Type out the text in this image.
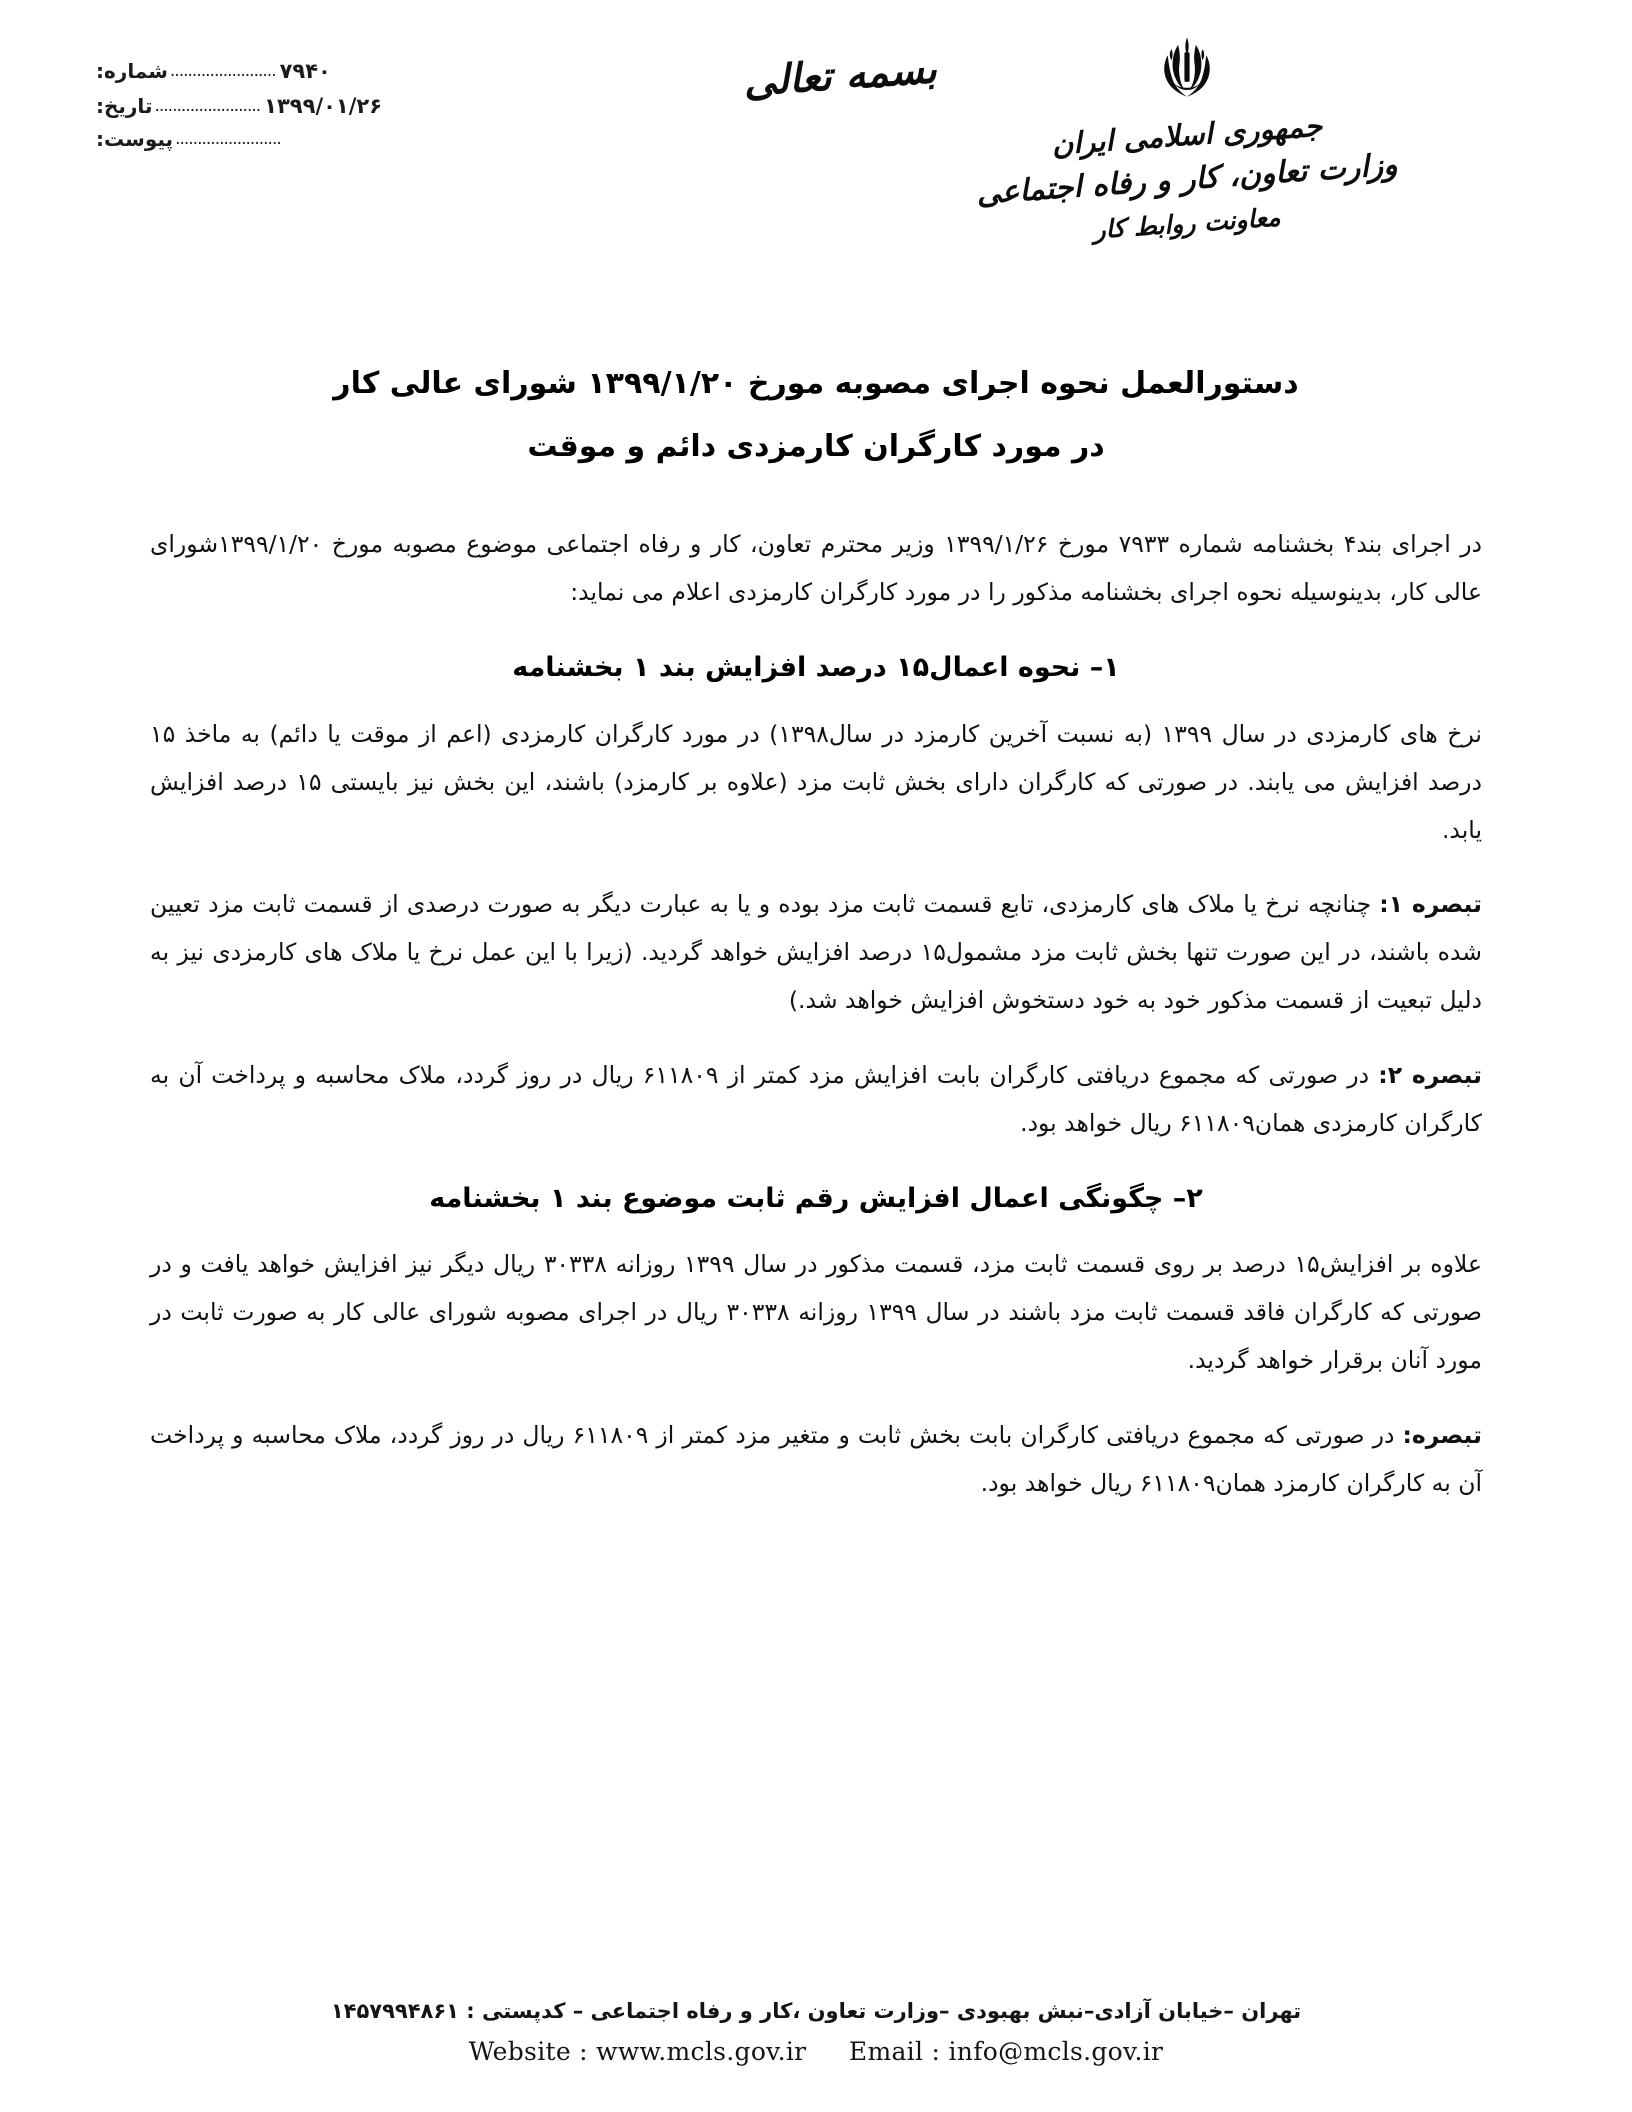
شماره: ........................ ۷۹۴۰
تاریخ: ........................ ۱۳۹۹/۰۱/۲۶
پیوست: ........................
بسمه تعالی
جمهوری اسلامی ایران
وزارت تعاون، کار و رفاه اجتماعی
معاونت روابط کار
دستورالعمل نحوه اجرای مصوبه مورخ ۱۳۹۹/۱/۲۰ شورای عالی کار
در مورد کارگران کارمزدی دائم و موقت

در اجرای بند۴ بخشنامه شماره ۷۹۳۳ مورخ ۱۳۹۹/۱/۲۶ وزیر محترم تعاون، کار و رفاه اجتماعی موضوع مصوبه مورخ ۱۳۹۹/۱/۲۰شورای عالی کار، بدینوسیله نحوه اجرای بخشنامه مذکور را در مورد کارگران کارمزدی اعلام می نماید:

۱– نحوه اعمال۱۵ درصد افزایش بند ۱ بخشنامه

نرخ های کارمزدی در سال ۱۳۹۹ (به نسبت آخرین کارمزد در سال۱۳۹۸) در مورد کارگران کارمزدی (اعم از موقت یا دائم) به ماخذ ۱۵ درصد افزایش می یابند. در صورتی که کارگران دارای بخش ثابت مزد (علاوه بر کارمزد) باشند، این بخش نیز بایستی ۱۵ درصد افزایش یابد.

تبصره ۱: چنانچه نرخ یا ملاک های کارمزدی، تابع قسمت ثابت مزد بوده و یا به عبارت دیگر به صورت درصدی از قسمت ثابت مزد تعیین شده باشند، در این صورت تنها بخش ثابت مزد مشمول۱۵ درصد افزایش خواهد گردید. (زیرا با این عمل نرخ یا ملاک های کارمزدی نیز به دلیل تبعیت از قسمت مذکور خود به خود دستخوش افزایش خواهد شد.)

تبصره ۲: در صورتی که مجموع دریافتی کارگران بابت افزایش مزد کمتر از ۶۱۱۸۰۹ ریال در روز گردد، ملاک محاسبه و پرداخت آن به کارگران کارمزدی همان۶۱۱۸۰۹ ریال خواهد بود.

۲– چگونگی اعمال افزایش رقم ثابت موضوع بند ۱ بخشنامه

علاوه بر افزایش۱۵ درصد بر روی قسمت ثابت مزد، قسمت مذکور در سال ۱۳۹۹ روزانه ۳۰۳۳۸ ریال دیگر نیز افزایش خواهد یافت و در صورتی که کارگران فاقد قسمت ثابت مزد باشند در سال ۱۳۹۹ روزانه ۳۰۳۳۸ ریال در اجرای مصوبه شورای عالی کار به صورت ثابت در مورد آنان برقرار خواهد گردید.

تبصره: در صورتی که مجموع دریافتی کارگران بابت بخش ثابت و متغیر مزد کمتر از ۶۱۱۸۰۹ ریال در روز گردد، ملاک محاسبه و پرداخت آن به کارگران کارمزد همان۶۱۱۸۰۹ ریال خواهد بود.

تهران –خیابان آزادی–نبش بهبودی –وزارت تعاون ،کار و رفاه اجتماعی – کدپستی : ۱۴۵۷۹۹۴۸۶۱
Website : www.mcls.gov.ir Email : info@mcls.gov.ir
